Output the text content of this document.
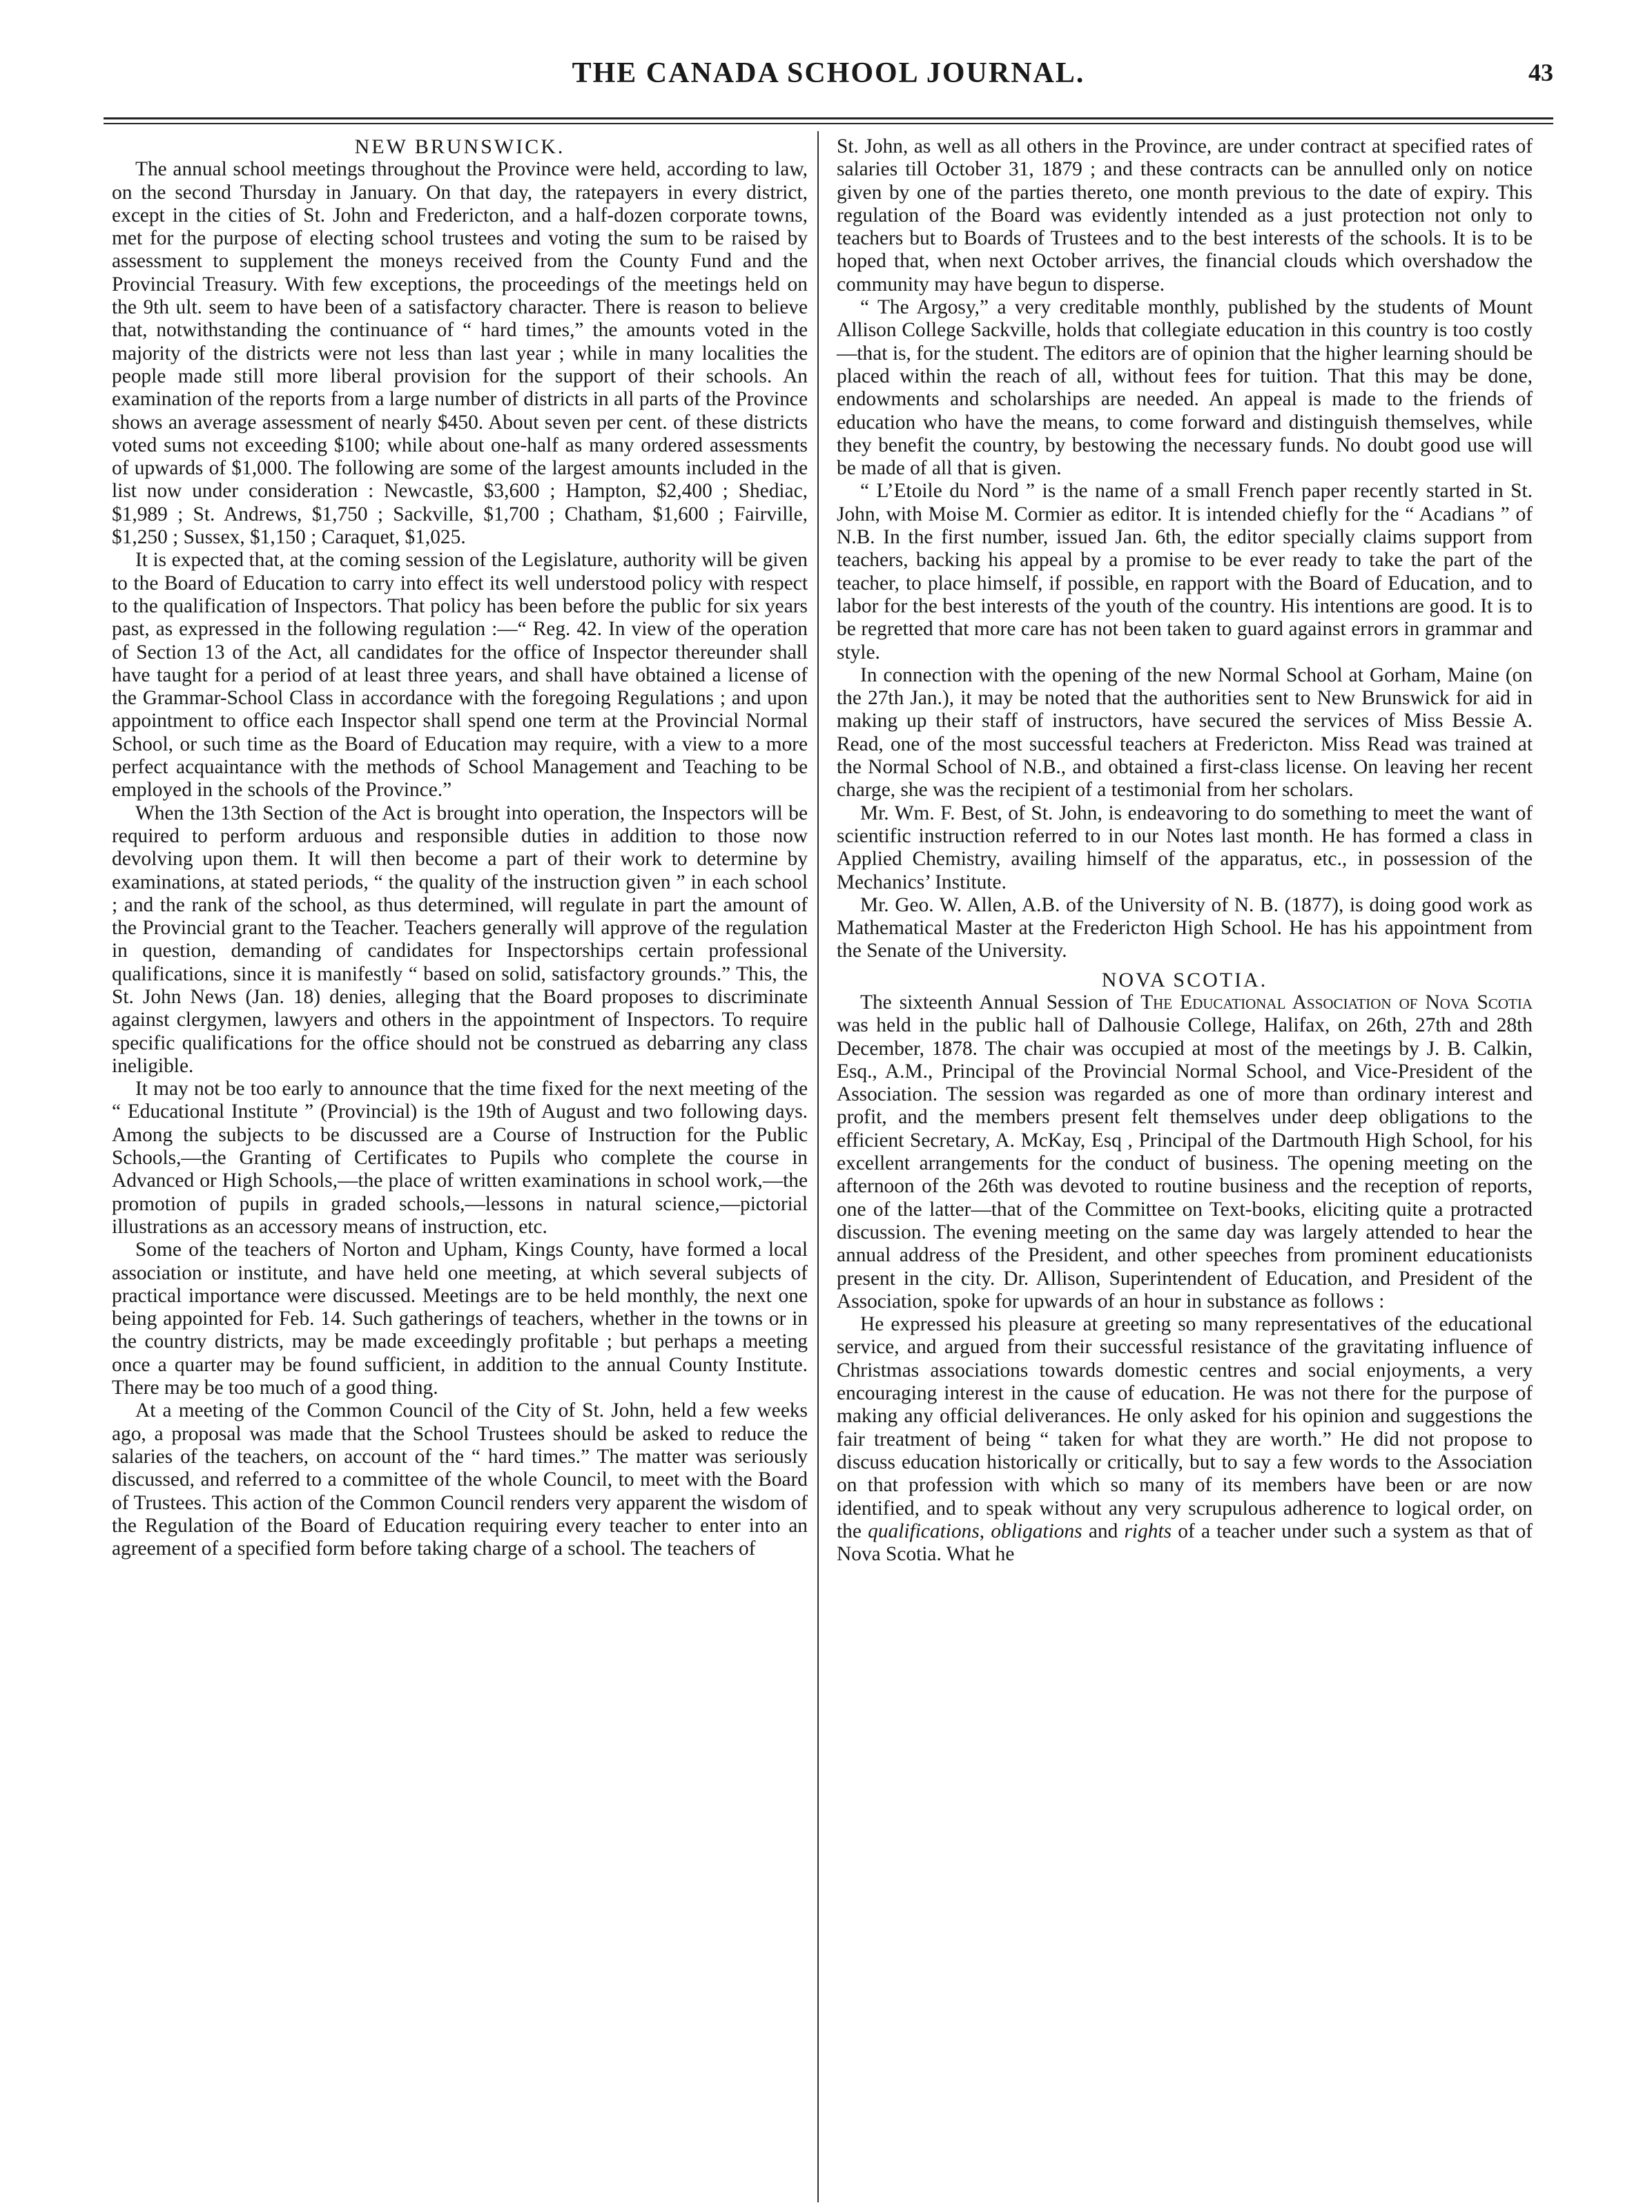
THE CANADA SCHOOL JOURNAL.	43

NEW BRUNSWICK.

The annual school meetings throughout the Province were held, according to law, on the second Thursday in January. On that day, the ratepayers in every district, except in the cities of St. John and Fredericton, and a half-dozen corporate towns, met for the purpose of electing school trustees and voting the sum to be raised by assessment to supplement the moneys received from the County Fund and the Provincial Treasury. With few exceptions, the proceedings of the meetings held on the 9th ult. seem to have been of a satisfactory character. There is reason to believe that, notwithstanding the continuance of “ hard times,” the amounts voted in the majority of the districts were not less than last year ; while in many localities the people made still more liberal provision for the support of their schools. An examination of the reports from a large number of districts in all parts of the Province shows an average assessment of nearly $450. About seven per cent. of these districts voted sums not exceeding $100; while about one-half as many ordered assessments of upwards of $1,000. The following are some of the largest amounts included in the list now under consideration : Newcastle, $3,600 ; Hampton, $2,400 ; Shediac, $1,989 ; St. Andrews, $1,750 ; Sackville, $1,700 ; Chatham, $1,600 ; Fairville, $1,250 ; Sussex, $1,150 ; Caraquet, $1,025.

It is expected that, at the coming session of the Legislature, authority will be given to the Board of Education to carry into effect its well understood policy with respect to the qualification of Inspectors. That policy has been before the public for six years past, as expressed in the following regulation :—“ Reg. 42. In view of the operation of Section 13 of the Act, all candidates for the office of Inspector thereunder shall have taught for a period of at least three years, and shall have obtained a license of the Grammar-School Class in accordance with the foregoing Regulations ; and upon appointment to office each Inspector shall spend one term at the Provincial Normal School, or such time as the Board of Education may require, with a view to a more perfect acquaintance with the methods of School Management and Teaching to be employed in the schools of the Province.”

When the 13th Section of the Act is brought into operation, the Inspectors will be required to perform arduous and responsible duties in addition to those now devolving upon them. It will then become a part of their work to determine by examinations, at stated periods, “ the quality of the instruction given ” in each school ; and the rank of the school, as thus determined, will regulate in part the amount of the Provincial grant to the Teacher. Teachers generally will approve of the regulation in question, demanding of candidates for Inspectorships certain professional qualifications, since it is manifestly “ based on solid, satisfactory grounds.” This, the St. John News (Jan. 18) denies, alleging that the Board proposes to discriminate against clergymen, lawyers and others in the appointment of Inspectors. To require specific qualifications for the office should not be construed as debarring any class ineligible.

It may not be too early to announce that the time fixed for the next meeting of the “ Educational Institute ” (Provincial) is the 19th of August and two following days. Among the subjects to be discussed are a Course of Instruction for the Public Schools,—the Granting of Certificates to Pupils who complete the course in Advanced or High Schools,—the place of written examinations in school work,—the promotion of pupils in graded schools,—lessons in natural science,—pictorial illustrations as an accessory means of instruction, etc.

Some of the teachers of Norton and Upham, Kings County, have formed a local association or institute, and have held one meeting, at which several subjects of practical importance were discussed. Meetings are to be held monthly, the next one being appointed for Feb. 14. Such gatherings of teachers, whether in the towns or in the country districts, may be made exceedingly profitable ; but perhaps a meeting once a quarter may be found sufficient, in addition to the annual County Institute. There may be too much of a good thing.

At a meeting of the Common Council of the City of St. John, held a few weeks ago, a proposal was made that the School Trustees should be asked to reduce the salaries of the teachers, on account of the “ hard times.” The matter was seriously discussed, and referred to a committee of the whole Council, to meet with the Board of Trustees. This action of the Common Council renders very apparent the wisdom of the Regulation of the Board of Education requiring every teacher to enter into an agreement of a specified form before taking charge of a school. The teachers of

St. John, as well as all others in the Province, are under contract at specified rates of salaries till October 31, 1879 ; and these contracts can be annulled only on notice given by one of the parties thereto, one month previous to the date of expiry. This regulation of the Board was evidently intended as a just protection not only to teachers but to Boards of Trustees and to the best interests of the schools. It is to be hoped that, when next October arrives, the financial clouds which overshadow the community may have begun to disperse.

“ The Argosy,” a very creditable monthly, published by the students of Mount Allison College Sackville, holds that collegiate education in this country is too costly—that is, for the student. The editors are of opinion that the higher learning should be placed within the reach of all, without fees for tuition. That this may be done, endowments and scholarships are needed. An appeal is made to the friends of education who have the means, to come forward and distinguish themselves, while they benefit the country, by bestowing the necessary funds. No doubt good use will be made of all that is given.

“ L’Etoile du Nord ” is the name of a small French paper recently started in St. John, with Moise M. Cormier as editor. It is intended chiefly for the “ Acadians ” of N.B. In the first number, issued Jan. 6th, the editor specially claims support from teachers, backing his appeal by a promise to be ever ready to take the part of the teacher, to place himself, if possible, en rapport with the Board of Education, and to labor for the best interests of the youth of the country. His intentions are good. It is to be regretted that more care has not been taken to guard against errors in grammar and style.

In connection with the opening of the new Normal School at Gorham, Maine (on the 27th Jan.), it may be noted that the authorities sent to New Brunswick for aid in making up their staff of instructors, have secured the services of Miss Bessie A. Read, one of the most successful teachers at Fredericton. Miss Read was trained at the Normal School of N.B., and obtained a first-class license. On leaving her recent charge, she was the recipient of a testimonial from her scholars.

Mr. Wm. F. Best, of St. John, is endeavoring to do something to meet the want of scientific instruction referred to in our Notes last month. He has formed a class in Applied Chemistry, availing himself of the apparatus, etc., in possession of the Mechanics’ Institute.

Mr. Geo. W. Allen, A.B. of the University of N. B. (1877), is doing good work as Mathematical Master at the Fredericton High School. He has his appointment from the Senate of the University.

NOVA SCOTIA.

The sixteenth Annual Session of The Educational Association of Nova Scotia was held in the public hall of Dalhousie College, Halifax, on 26th, 27th and 28th December, 1878. The chair was occupied at most of the meetings by J. B. Calkin, Esq., A.M., Principal of the Provincial Normal School, and Vice-President of the Association. The session was regarded as one of more than ordinary interest and profit, and the members present felt themselves under deep obligations to the efficient Secretary, A. McKay, Esq , Principal of the Dartmouth High School, for his excellent arrangements for the conduct of business. The opening meeting on the afternoon of the 26th was devoted to routine business and the reception of reports, one of the latter—that of the Committee on Text-books, eliciting quite a protracted discussion. The evening meeting on the same day was largely attended to hear the annual address of the President, and other speeches from prominent educationists present in the city. Dr. Allison, Superintendent of Education, and President of the Association, spoke for upwards of an hour in substance as follows :

He expressed his pleasure at greeting so many representatives of the educational service, and argued from their successful resistance of the gravitating influence of Christmas associations towards domestic centres and social enjoyments, a very encouraging interest in the cause of education. He was not there for the purpose of making any official deliverances. He only asked for his opinion and suggestions the fair treatment of being “ taken for what they are worth.” He did not propose to discuss education historically or critically, but to say a few words to the Association on that profession with which so many of its members have been or are now identified, and to speak without any very scrupulous adherence to logical order, on the qualifications, obligations and rights of a teacher under such a system as that of Nova Scotia. What he
